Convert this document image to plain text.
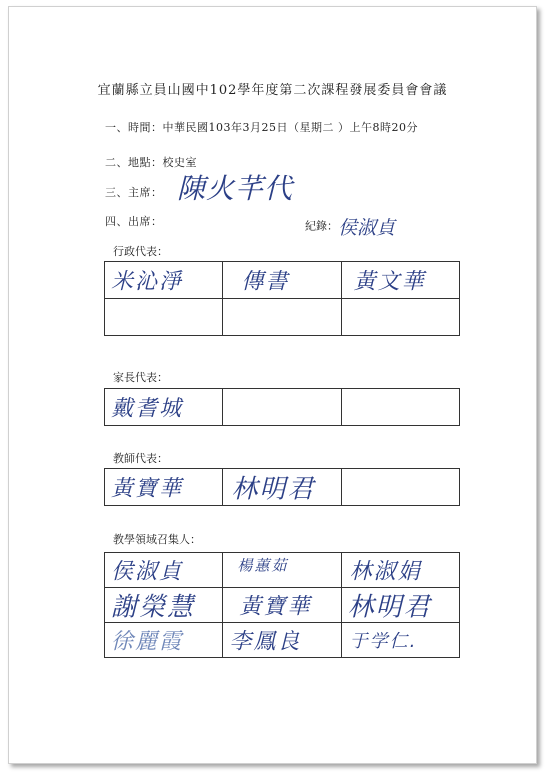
宜蘭縣立員山國中102學年度第二次課程發展委員會會議
一、時間：中華民國103年3月25日（星期二 ）上午8時20分
二、地點：校史室
三、主席： 陳火芊代
四、出席：	紀錄：侯淑貞
行政代表：
米沁淨	傳書	黃文華

家長代表：
戴耆城

教師代表：
黃寶華	林明君

教學領域召集人：
侯淑貞	楊蕙茹	林淑娟

謝榮慧	黃寶華	林明君

徐麗霞	李鳳良	于学仁.
